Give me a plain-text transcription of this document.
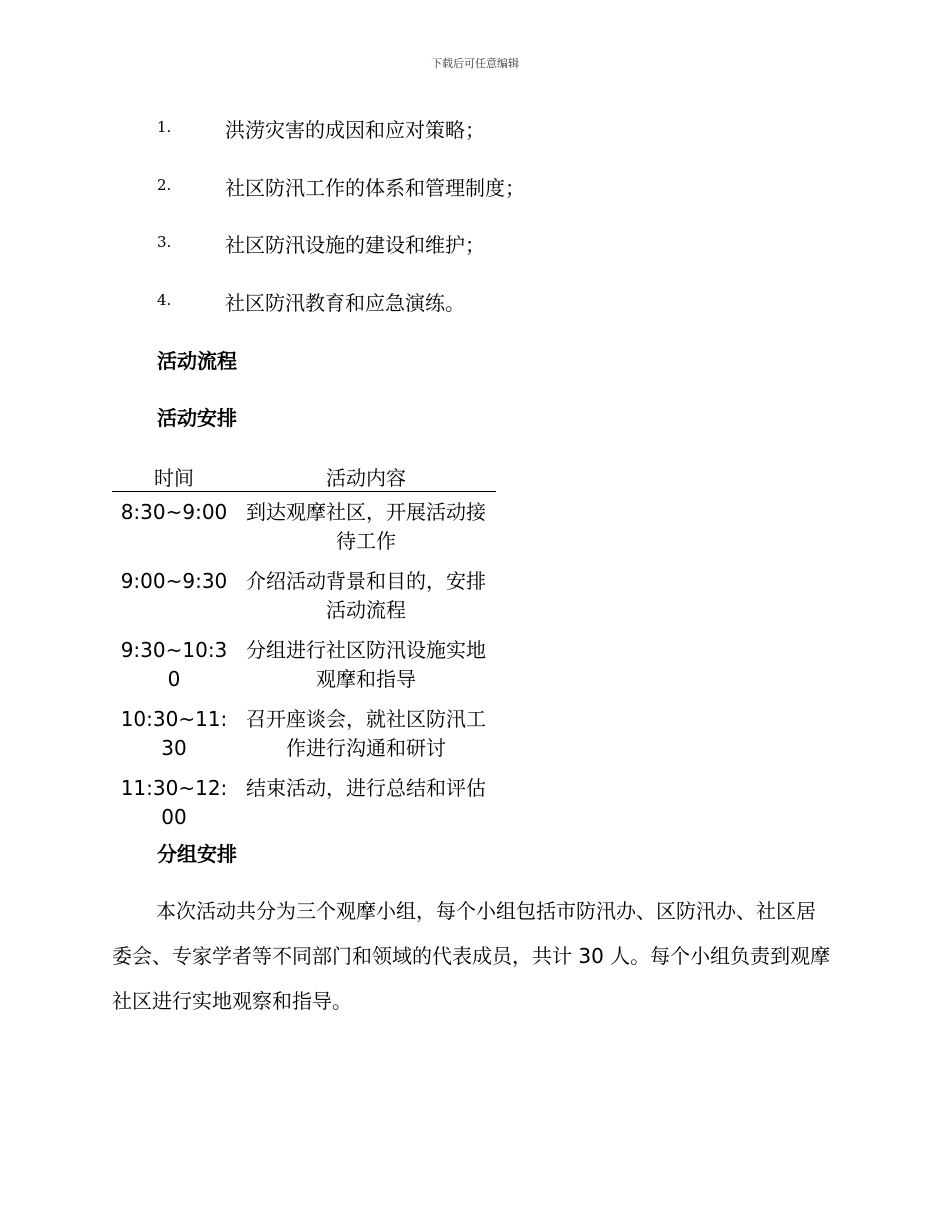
下载后可任意编辑
1.	洪涝灾害的成因和应对策略；
2.	社区防汛工作的体系和管理制度；
3.	社区防汛设施的建设和维护；
4.	社区防汛教育和应急演练。
活动流程
活动安排
时间	活动内容
8:30~9:00	到达观摩社区，开展活动接待工作
9:00~9:30	介绍活动背景和目的，安排活动流程
9:30~10:30	分组进行社区防汛设施实地观摩和指导
10:30~11:30	召开座谈会，就社区防汛工作进行沟通和研讨
11:30~12:00	结束活动，进行总结和评估
分组安排

本次活动共分为三个观摩小组，每个小组包括市防汛办、区防汛办、社区居委会、专家学者等不同部门和领域的代表成员，共计 30 人。每个小组负责到观摩社区进行实地观察和指导。
